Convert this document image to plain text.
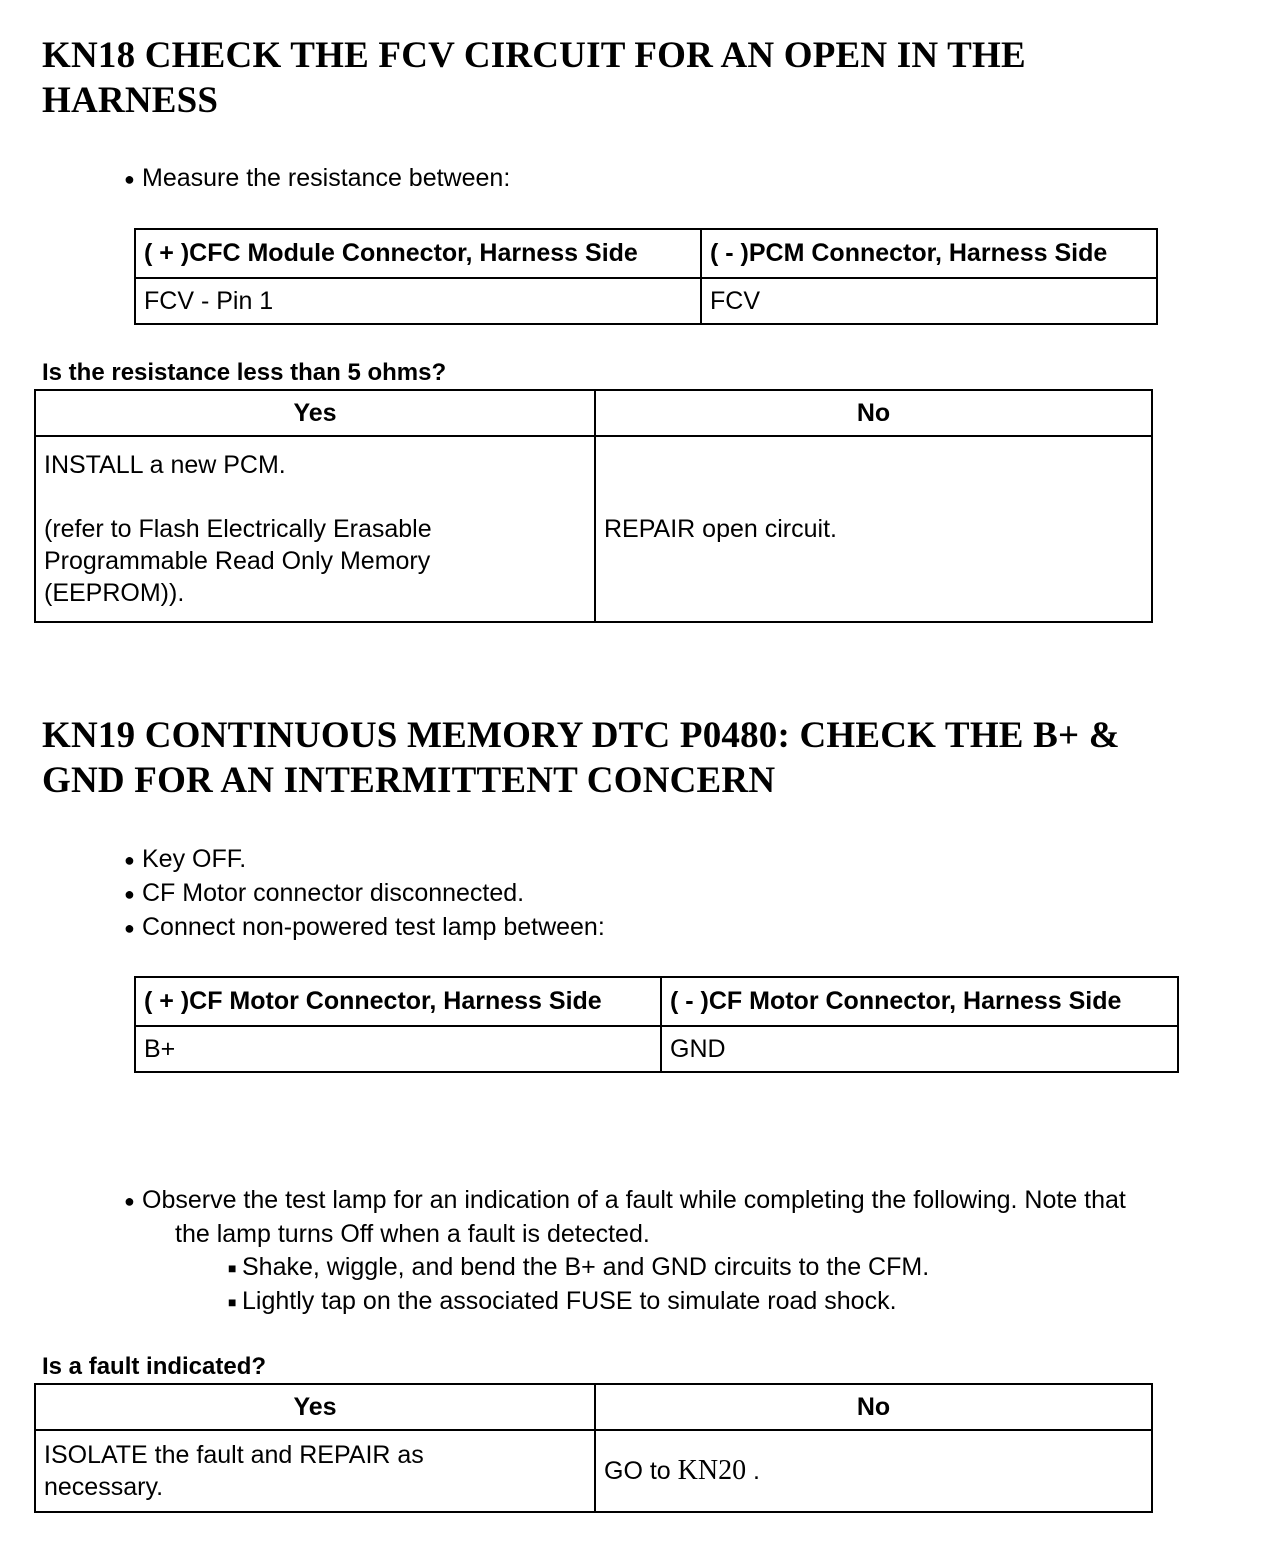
KN18 CHECK THE FCV CIRCUIT FOR AN OPEN IN THE
HARNESS
● Measure the resistance between:
( + )CFC Module Connector, Harness Side	( - )PCM Connector, Harness Side
FCV - Pin 1	FCV
Is the resistance less than 5 ohms?
Yes	No

INSTALL a new PCM.
(refer to Flash Electrically Erasable
Programmable Read Only Memory
(EEPROM)).	REPAIR open circuit.
KN19 CONTINUOUS MEMORY DTC P0480: CHECK THE B+ &
GND FOR AN INTERMITTENT CONCERN
● Key OFF.
● CF Motor connector disconnected.
● Connect non-powered test lamp between:
( + )CF Motor Connector, Harness Side	( - )CF Motor Connector, Harness Side
B+	GND
● Observe the test lamp for an indication of a fault while completing the following. Note that
the lamp turns Off when a fault is detected.
■ Shake, wiggle, and bend the B+ and GND circuits to the CFM.
■ Lightly tap on the associated FUSE to simulate road shock.
Is a fault indicated?
Yes	No

ISOLATE the fault and REPAIR as
necessary.	GO to KN20 .
